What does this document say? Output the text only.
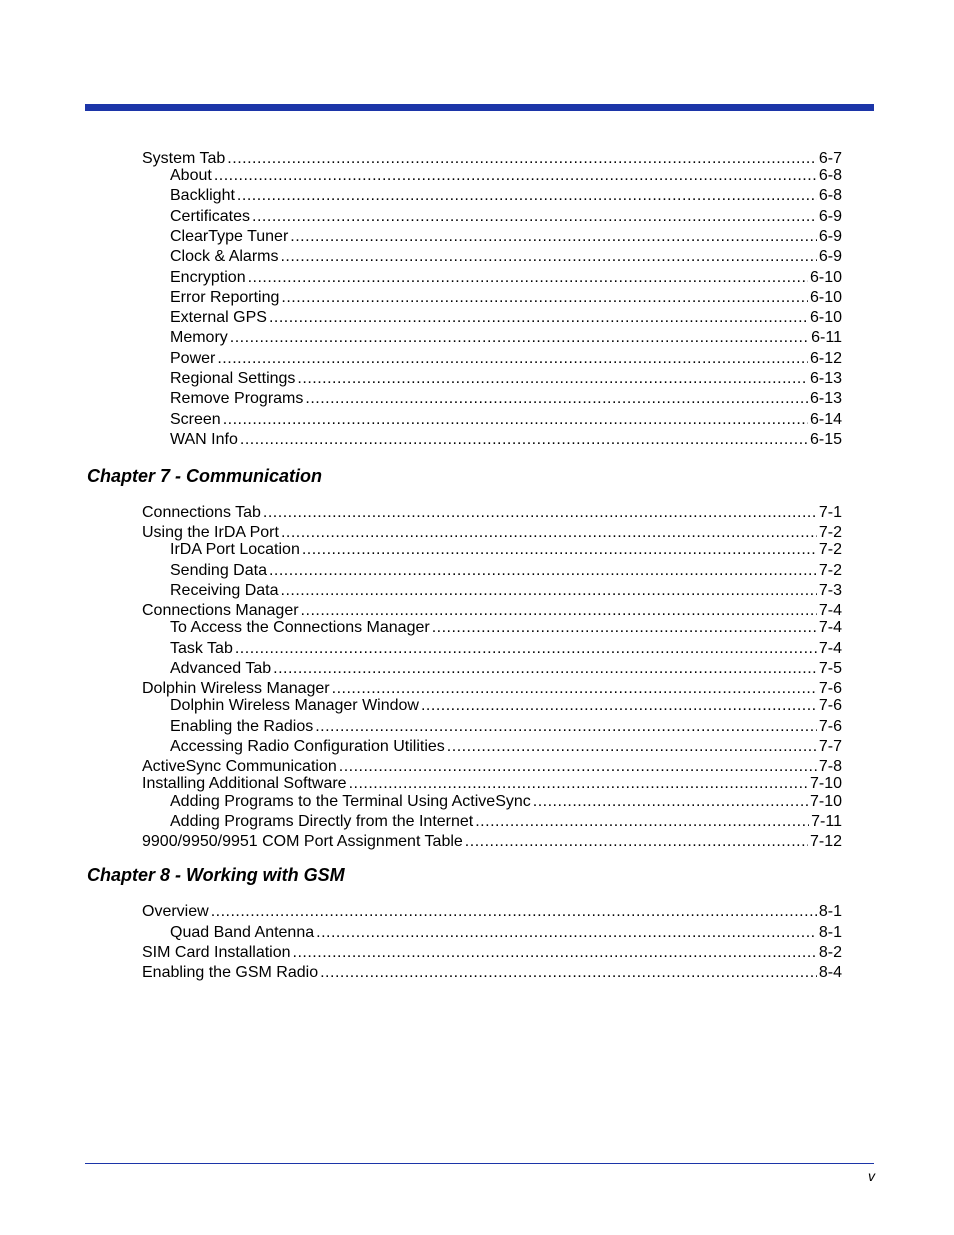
System Tab .....	6-7
About .....	6-8
Backlight .....	6-8
Certificates .....	6-9
ClearType Tuner .....	6-9
Clock & Alarms .....	6-9
Encryption .....	6-10
Error Reporting .....	6-10
External GPS .....	6-10
Memory .....	6-11
Power .....	6-12
Regional Settings .....	6-13
Remove Programs .....	6-13
Screen .....	6-14
WAN Info .....	6-15
Chapter 7 - Communication
Connections Tab .....	7-1
Using the IrDA Port .....	7-2
IrDA Port Location .....	7-2
Sending Data .....	7-2
Receiving Data .....	7-3
Connections Manager .....	7-4
To Access the Connections Manager .....	7-4
Task Tab .....	7-4
Advanced Tab .....	7-5
Dolphin Wireless Manager .....	7-6
Dolphin Wireless Manager Window .....	7-6
Enabling the Radios .....	7-6
Accessing Radio Configuration Utilities .....	7-7
ActiveSync Communication .....	7-8
Installing Additional Software .....	7-10
Adding Programs to the Terminal Using ActiveSync .....	7-10
Adding Programs Directly from the Internet .....	7-11
9900/9950/9951 COM Port Assignment Table .....	7-12
Chapter 8 - Working with GSM
Overview .....	8-1
Quad Band Antenna .....	8-1
SIM Card Installation .....	8-2
Enabling the GSM Radio .....	8-4
v
